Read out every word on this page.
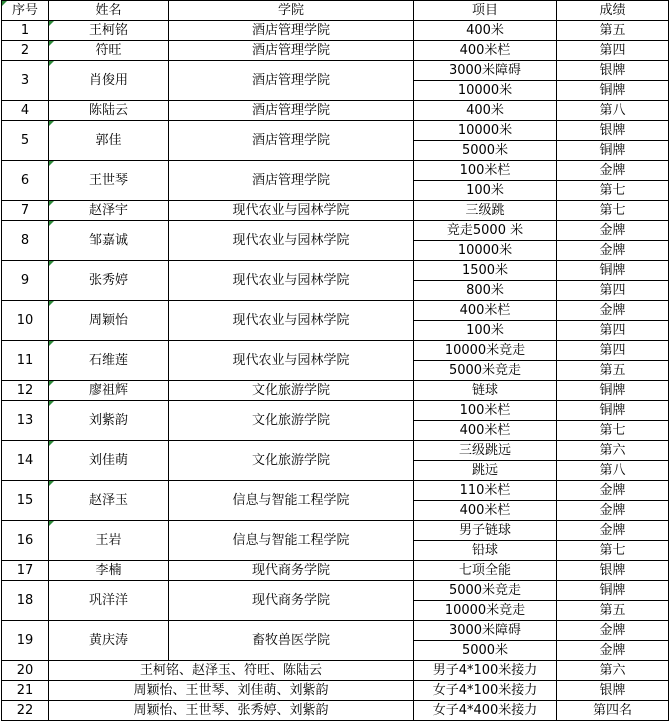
序号	姓名	学院	项目	成绩
1	王柯铭	酒店管理学院	400米	第五
2	符旺	酒店管理学院	400米栏	第四
3	肖俊用	酒店管理学院	3000米障碍	银牌
			10000米	铜牌
4	陈陆云	酒店管理学院	400米	第八
5	郭佳	酒店管理学院	10000米	银牌
			5000米	铜牌
6	王世琴	酒店管理学院	100米栏	金牌
			100米	第七
7	赵泽宇	现代农业与园林学院	三级跳	第七
8	邹嘉诚	现代农业与园林学院	竞走5000 米	金牌
			10000米	金牌
9	张秀婷	现代农业与园林学院	1500米	铜牌
			800米	第四
10	周颖怡	现代农业与园林学院	400米栏	金牌
			100米	第四
11	石维莲	现代农业与园林学院	10000米竞走	第四
			5000米竞走	第五
12	廖祖辉	文化旅游学院	链球	铜牌
13	刘紫韵	文化旅游学院	100米栏	铜牌
			400米栏	第七
14	刘佳萌	文化旅游学院	三级跳远	第六
			跳远	第八
15	赵泽玉	信息与智能工程学院	110米栏	金牌
			400米栏	金牌
16	王岩	信息与智能工程学院	男子链球	金牌
			铅球	第七
17	李楠	现代商务学院	七项全能	银牌
18	巩洋洋	现代商务学院	5000米竞走	铜牌
			10000米竞走	第五
19	黄庆涛	畜牧兽医学院	3000米障碍	金牌
			5000米	金牌
20	王柯铭、赵泽玉、符旺、陈陆云		男子4*100米接力	第六
21	周颖怡、王世琴、刘佳萌、刘紫韵		女子4*100米接力	银牌
22	周颖怡、王世琴、张秀婷、刘紫韵		女子4*400米接力	第四名
